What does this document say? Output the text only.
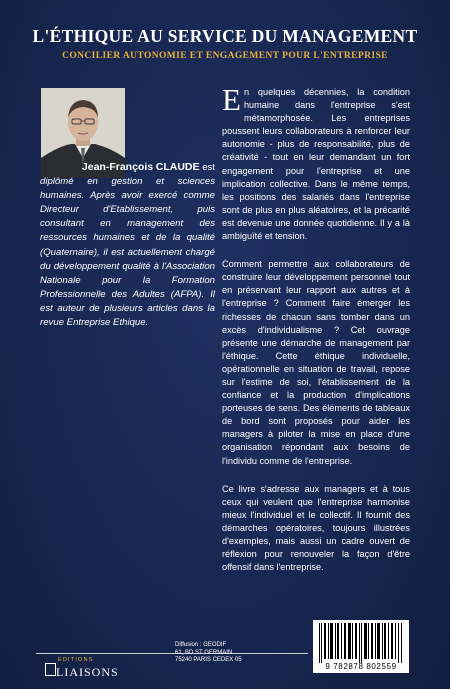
L'ÉTHIQUE AU SERVICE DU MANAGEMENT
CONCILIER AUTONOMIE ET ENGAGEMENT POUR L'ENTREPRISE

Jean-François CLAUDE est

diplômé en gestion et sciences humaines. Après avoir exercé comme Directeur d'Etablissement, puis consultant en management des ressources humaines et de la qualité (Quaternaire), il est actuellement chargé du développement qualité à l'Association Nationale pour la Formation Professionnelle des Adultes (AFPA). Il est auteur de plusieurs articles dans la revue Entreprise Ethique.

En quelques décennies, la condition humaine dans l'entreprise s'est métamorphosée. Les entreprises poussent leurs collaborateurs à renforcer leur autonomie - plus de responsabilité, plus de créativité - tout en leur demandant un fort engagement pour l'entreprise et une implication collective. Dans le même temps, les positions des salariés dans l'entreprise sont de plus en plus aléatoires, et la précarité est devenue une donnée quotidienne. Il y a là ambiguïté et tension.

Comment permettre aux collaborateurs de construire leur développement personnel tout en préservant leur rapport aux autres et à l'entreprise ? Comment faire émerger les richesses de chacun sans tomber dans un excès d'individualisme ? Cet ouvrage présente une démarche de management par l'éthique. Cette éthique individuelle, opérationnelle en situation de travail, repose sur l'estime de soi, l'établissement de la confiance et la production d'implications porteuses de sens. Des éléments de tableaux de bord sont proposés pour aider les managers à piloter la mise en place d'une organisation répondant aux besoins de l'individu comme de l'entreprise.

Ce livre s'adresse aux managers et à tous ceux qui veulent que l'entreprise harmonise mieux l'individuel et le collectif. Il fournit des démarches opératoires, toujours illustrées d'exemples, mais aussi un cadre ouvert de réflexion pour renouveler la façon d'être offensif dans l'entreprise.

EDITIONS
LIAISONS
Diffusion : GEODIF
61, BD ST GERMAIN
75240 PARIS CEDEX 05
9 782878 802559
